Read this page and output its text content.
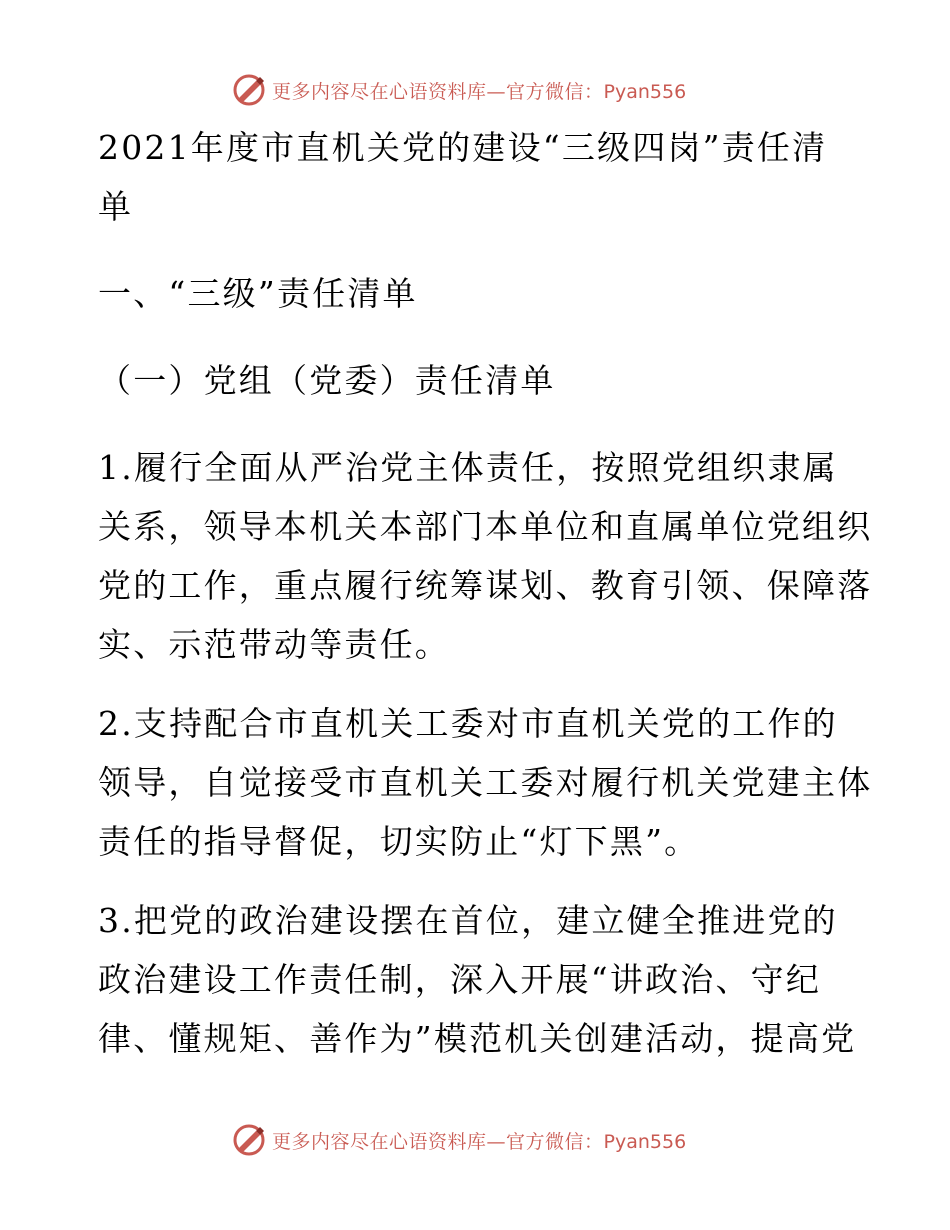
更多内容尽在心语资料库—官方微信：Pyan556
2021年度市直机关党的建设“三级四岗”责任清
单
一、“三级”责任清单
（一）党组（党委）责任清单
1.履行全面从严治党主体责任，按照党组织隶属
关系，领导本机关本部门本单位和直属单位党组织
党的工作，重点履行统筹谋划、教育引领、保障落
实、示范带动等责任。
2.支持配合市直机关工委对市直机关党的工作的
领导，自觉接受市直机关工委对履行机关党建主体
责任的指导督促，切实防止“灯下黑”。
3.把党的政治建设摆在首位，建立健全推进党的
政治建设工作责任制，深入开展“讲政治、守纪
律、懂规矩、善作为”模范机关创建活动，提高党
更多内容尽在心语资料库—官方微信：Pyan556
